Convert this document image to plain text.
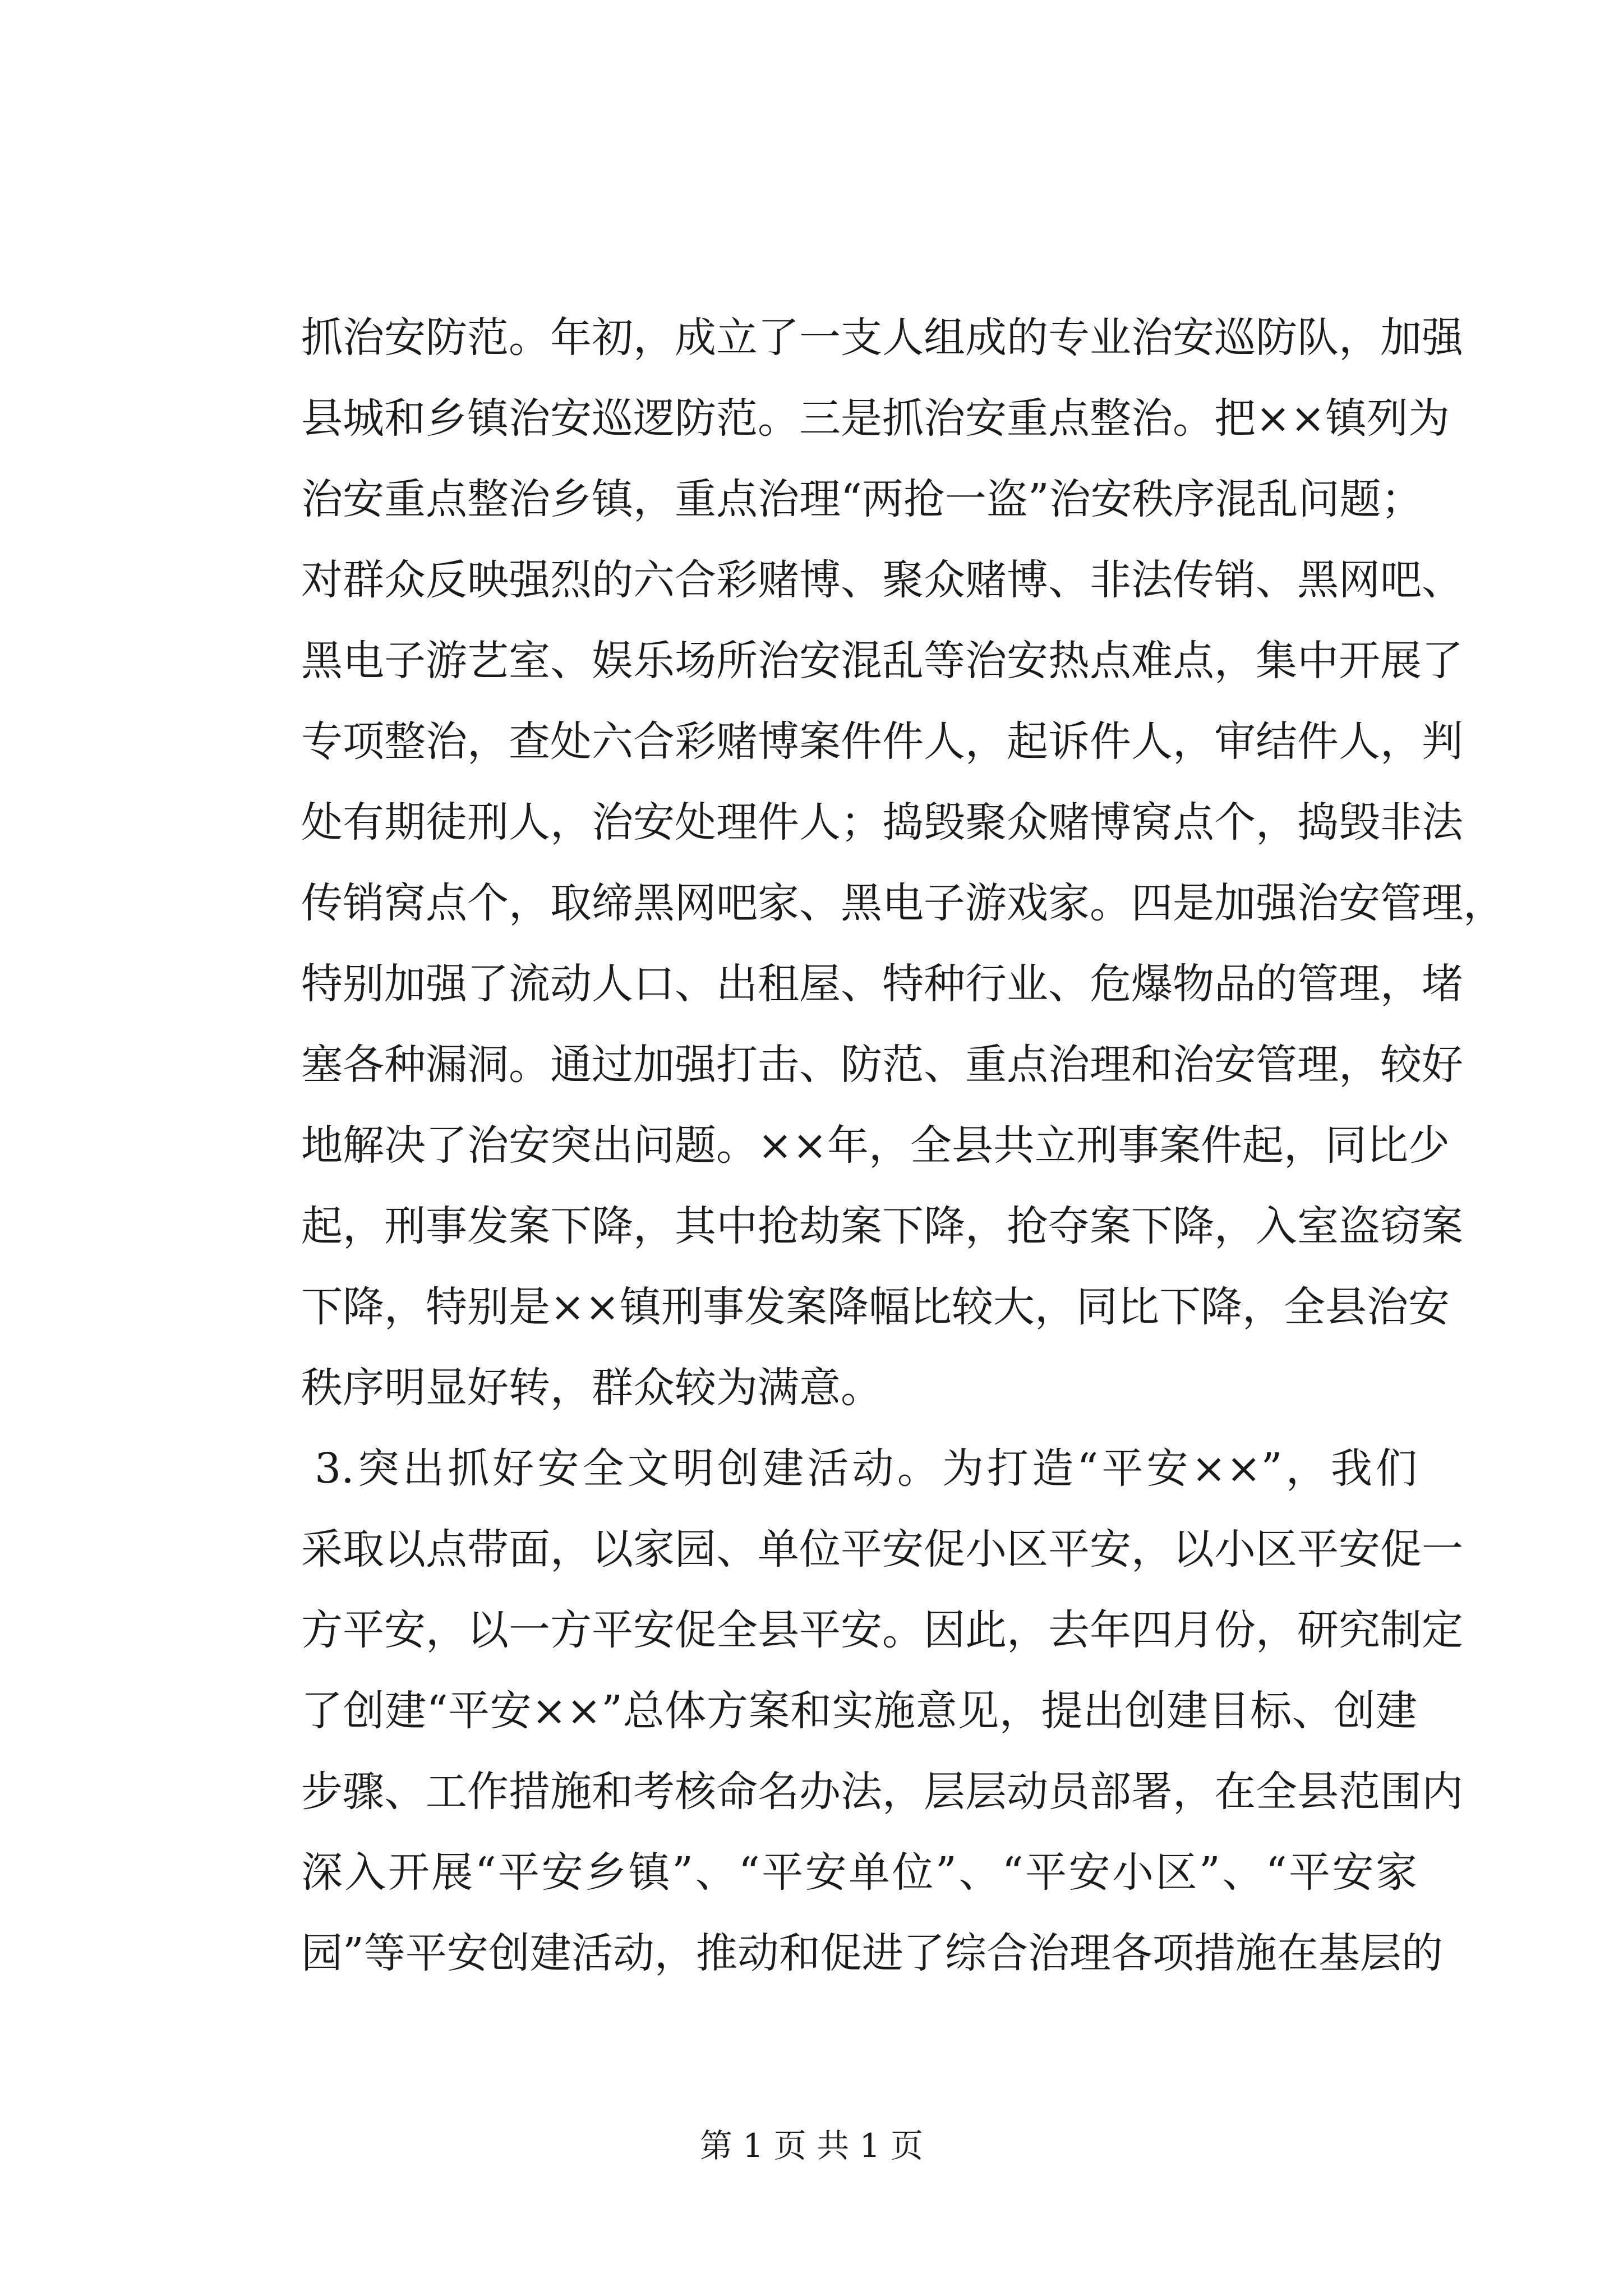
抓治安防范。年初，成立了一支人组成的专业治安巡防队，加强
县城和乡镇治安巡逻防范。三是抓治安重点整治。把××镇列为
治安重点整治乡镇，重点治理“两抢一盗”治安秩序混乱问题；
对群众反映强烈的六合彩赌博、聚众赌博、非法传销、黑网吧、
黑电子游艺室、娱乐场所治安混乱等治安热点难点，集中开展了
专项整治，查处六合彩赌博案件件人，起诉件人，审结件人，判
处有期徒刑人，治安处理件人；捣毁聚众赌博窝点个，捣毁非法
传销窝点个，取缔黑网吧家、黑电子游戏家。四是加强治安管理，
特别加强了流动人口、出租屋、特种行业、危爆物品的管理，堵
塞各种漏洞。通过加强打击、防范、重点治理和治安管理，较好
地解决了治安突出问题。××年，全县共立刑事案件起，同比少
起，刑事发案下降，其中抢劫案下降，抢夺案下降，入室盗窃案
下降，特别是××镇刑事发案降幅比较大，同比下降，全县治安
秩序明显好转，群众较为满意。
3.突出抓好安全文明创建活动。为打造“平安××”，我们
采取以点带面，以家园、单位平安促小区平安，以小区平安促一
方平安，以一方平安促全县平安。因此，去年四月份，研究制定
了创建“平安××”总体方案和实施意见，提出创建目标、创建
步骤、工作措施和考核命名办法，层层动员部署，在全县范围内
深入开展“平安乡镇”、“平安单位”、“平安小区”、“平安家
园”等平安创建活动，推动和促进了综合治理各项措施在基层的
第 1 页 共 1 页
